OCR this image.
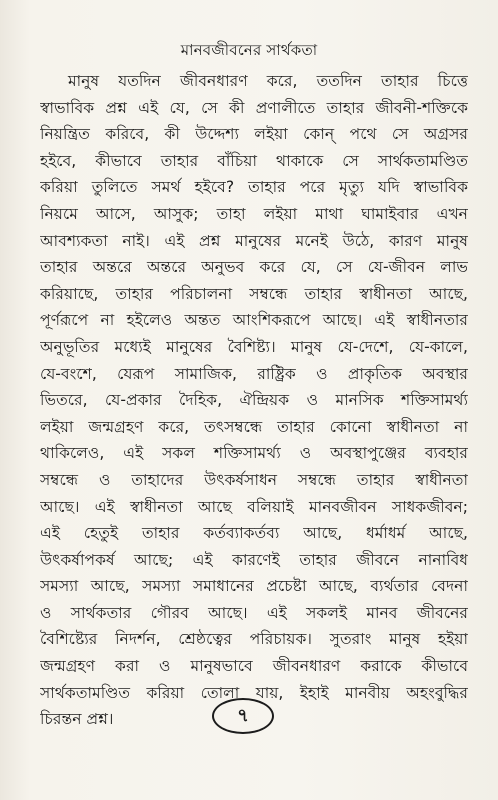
মানবজীবনের সার্থকতা
মানুষ যতদিন জীবনধারণ করে, ততদিন তাহার চিত্তে
স্বাভাবিক প্রশ্ন এই যে, সে কী প্রণালীতে তাহার জীবনী-শক্তিকে
নিয়ন্ত্রিত করিবে, কী উদ্দেশ্য লইয়া কোন্ পথে সে অগ্রসর
হইবে, কীভাবে তাহার বাঁচিয়া থাকাকে সে সার্থকতামণ্ডিত
করিয়া তুলিতে সমর্থ হইবে? তাহার পরে মৃত্যু যদি স্বাভাবিক
নিয়মে আসে, আসুক; তাহা লইয়া মাথা ঘামাইবার এখন
আবশ্যকতা নাই। এই প্রশ্ন মানুষের মনেই উঠে, কারণ মানুষ
তাহার অন্তরে অন্তরে অনুভব করে যে, সে যে-জীবন লাভ
করিয়াছে, তাহার পরিচালনা সম্বন্ধে তাহার স্বাধীনতা আছে,
পূর্ণরূপে না হইলেও অন্তত আংশিকরূপে আছে। এই স্বাধীনতার
অনুভূতির মধ্যেই মানুষের বৈশিষ্ট্য। মানুষ যে-দেশে, যে-কালে,
যে-বংশে, যেরূপ সামাজিক, রাষ্ট্রিক ও প্রাকৃতিক অবস্থার
ভিতরে, যে-প্রকার দৈহিক, ঐন্দ্রিয়ক ও মানসিক শক্তিসামর্থ্য
লইয়া জন্মগ্রহণ করে, তৎসম্বন্ধে তাহার কোনো স্বাধীনতা না
থাকিলেও, এই সকল শক্তিসামর্থ্য ও অবস্থাপুঞ্জের ব্যবহার
সম্বন্ধে ও তাহাদের উৎকর্ষসাধন সম্বন্ধে তাহার স্বাধীনতা
আছে। এই স্বাধীনতা আছে বলিয়াই মানবজীবন সাধকজীবন;
এই হেতুই তাহার কর্তব্যাকর্তব্য আছে, ধর্মাধর্ম আছে,
উৎকর্ষাপকর্ষ আছে; এই কারণেই তাহার জীবনে নানাবিধ
সমস্যা আছে, সমস্যা সমাধানের প্রচেষ্টা আছে, ব্যর্থতার বেদনা
ও সার্থকতার গৌরব আছে। এই সকলই মানব জীবনের
বৈশিষ্ট্যের নিদর্শন, শ্রেষ্ঠত্বের পরিচায়ক। সুতরাং মানুষ হইয়া
জন্মগ্রহণ করা ও মানুষভাবে জীবনধারণ করাকে কীভাবে
সার্থকতামণ্ডিত করিয়া তোলা যায়, ইহাই মানবীয় অহংবুদ্ধির
চিরন্তন প্রশ্ন।	৭
